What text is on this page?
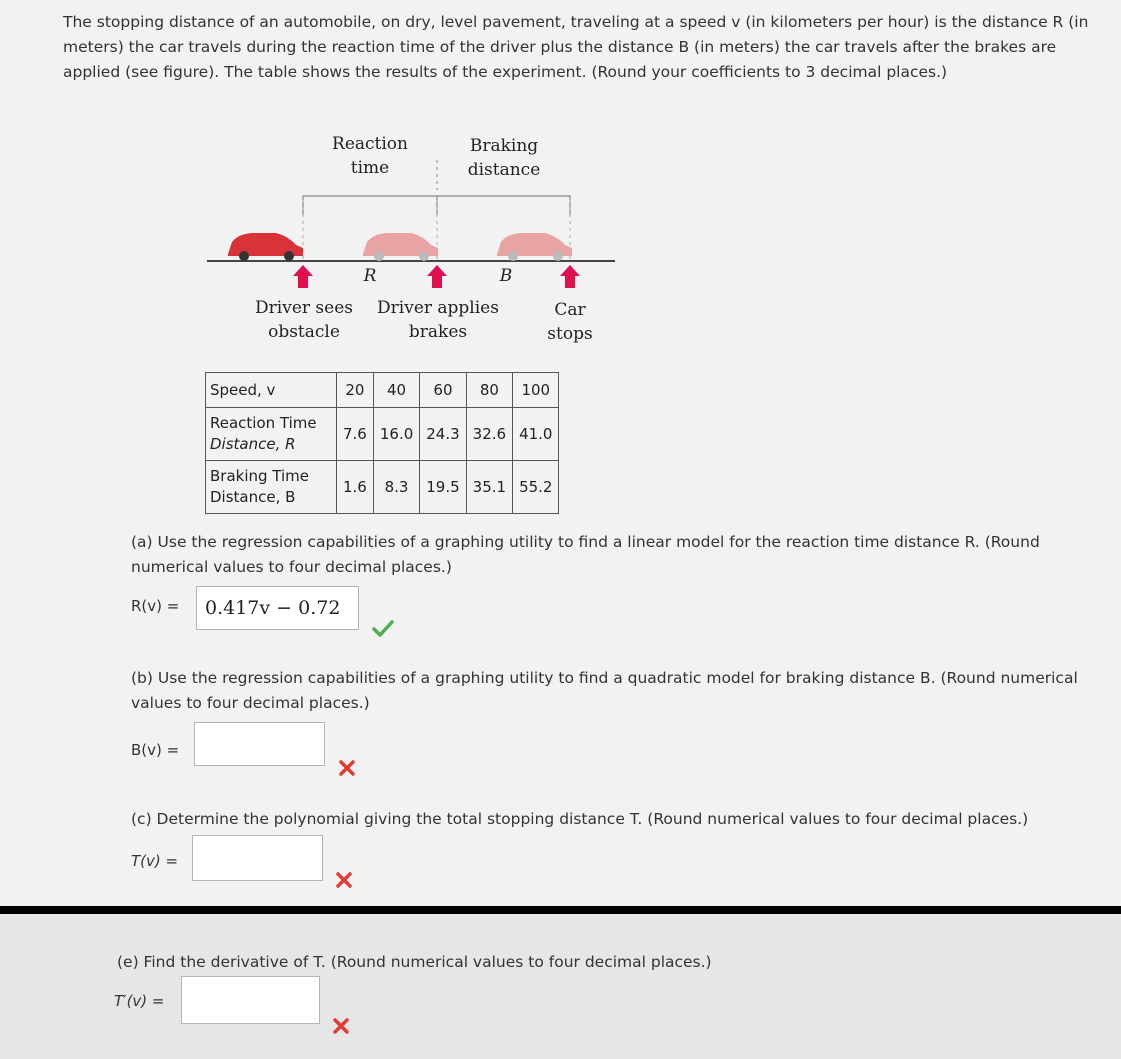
The stopping distance of an automobile, on dry, level pavement, traveling at a speed v (in kilometers per hour) is the distance R (in meters) the car travels during the reaction time of the driver plus the distance B (in meters) the car travels after the brakes are applied (see figure). The table shows the results of the experiment. (Round your coefficients to 3 decimal places.)
Reaction
time
Braking
distance
R	B
Driver sees
obstacle
Driver applies
brakes
Car
stops
Speed, v	20	40	60	80	100

Reaction Time
Distance, R	7.6	16.0	24.3	32.6	41.0

Braking Time
Distance, B	1.6	8.3	19.5	35.1	55.2
(a) Use the regression capabilities of a graphing utility to find a linear model for the reaction time distance R. (Round numerical values to four decimal places.)
R(v) =	0.417v − 0.72
(b) Use the regression capabilities of a graphing utility to find a quadratic model for braking distance B. (Round numerical values to four decimal places.)
B(v) =
(c) Determine the polynomial giving the total stopping distance T. (Round numerical values to four decimal places.)
T(v) =
(e) Find the derivative of T. (Round numerical values to four decimal places.)
T′(v) =
